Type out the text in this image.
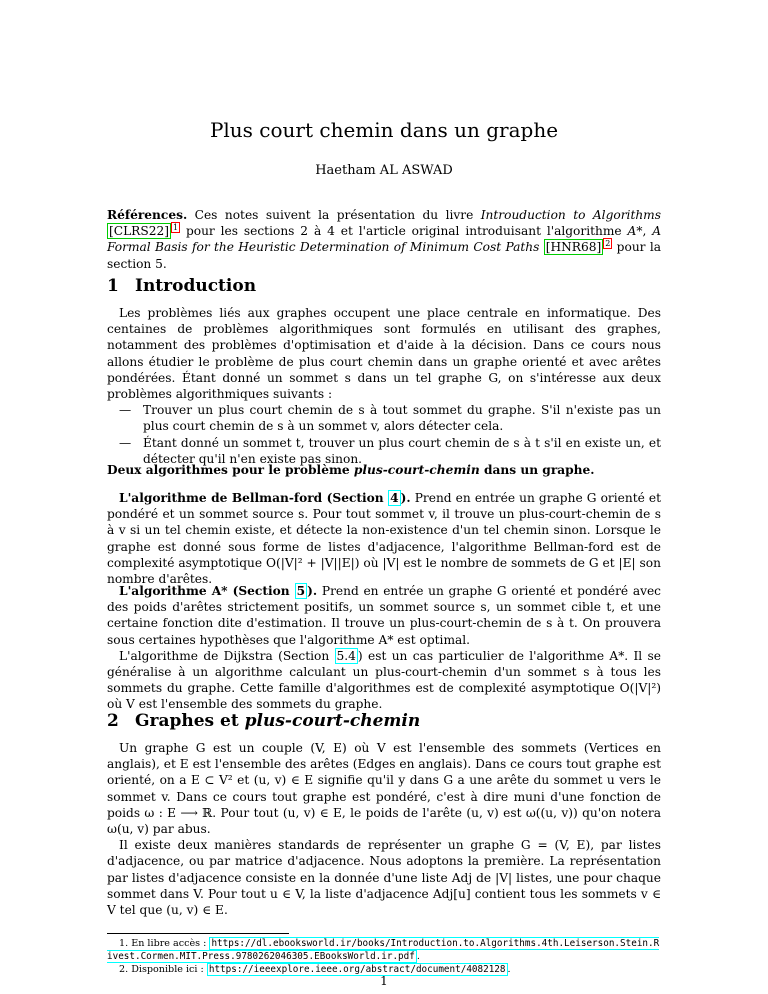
Plus court chemin dans un graphe
Haetham AL ASWAD

Références. Ces notes suivent la présentation du livre Introuduction to Algorithms [CLRS22] $^1$ pour les sections 2 à 4 et l'article original introduisant l'algorithme A*, A Formal Basis for the Heuristic Determination of Minimum Cost Paths [HNR68] $^2$ pour la section 5.

1 Introduction

Les problèmes liés aux graphes occupent une place centrale en informatique. Des centaines de problèmes algorithmiques sont formulés en utilisant des graphes, notamment des problèmes d'optimisation et d'aide à la décision. Dans ce cours nous allons étudier le problème de plus court chemin dans un graphe orienté et avec arêtes pondérées. Étant donné un sommet s dans un tel graphe G, on s'intéresse aux deux problèmes algorithmiques suivants :

— Trouver un plus court chemin de s à tout sommet du graphe. S'il n'existe pas un plus court chemin de s à un sommet v, alors détecter cela.
— Étant donné un sommet t, trouver un plus court chemin de s à t s'il en existe un, et détecter qu'il n'en existe pas sinon.

Deux algorithmes pour le problème plus-court-chemin dans un graphe.

L'algorithme de Bellman-ford (Section 4 ). Prend en entrée un graphe G orienté et pondéré et un sommet source s. Pour tout sommet v, il trouve un plus-court-chemin de s à v si un tel chemin existe, et détecte la non-existence d'un tel chemin sinon. Lorsque le graphe est donné sous forme de listes d'adjacence, l'algorithme Bellman-ford est de complexité asymptotique O(|V|² + |V||E|) où |V| est le nombre de sommets de G et |E| son nombre d'arêtes.

L'algorithme A* (Section 5 ). Prend en entrée un graphe G orienté et pondéré avec des poids d'arêtes strictement positifs, un sommet source s, un sommet cible t, et une certaine fonction dite d'estimation. Il trouve un plus-court-chemin de s à t. On prouvera sous certaines hypothèses que l'algorithme A* est optimal.

L'algorithme de Dijkstra (Section 5.4 ) est un cas particulier de l'algorithme A*. Il se généralise à un algorithme calculant un plus-court-chemin d'un sommet s à tous les sommets du graphe. Cette famille d'algorithmes est de complexité asymptotique O(|V|²) où V est l'ensemble des sommets du graphe.

2 Graphes et plus-court-chemin

Un graphe G est un couple (V, E) où V est l'ensemble des sommets (Vertices en anglais), et E est l'ensemble des arêtes (Edges en anglais). Dans ce cours tout graphe est orienté, on a E ⊂ V² et (u, v) ∈ E signifie qu'il y dans G a une arête du sommet u vers le sommet v. Dans ce cours tout graphe est pondéré, c'est à dire muni d'une fonction de poids ω : E ⟶ ℝ. Pour tout (u, v) ∈ E, le poids de l'arête (u, v) est ω((u, v)) qu'on notera ω(u, v) par abus.

Il existe deux manières standards de représenter un graphe G = (V, E), par listes d'adjacence, ou par matrice d'adjacence. Nous adoptons la première. La représentation par listes d'adjacence consiste en la donnée d'une liste Adj de |V| listes, une pour chaque sommet dans V. Pour tout u ∈ V, la liste d'adjacence Adj[u] contient tous les sommets v ∈ V tel que (u, v) ∈ E.

1. En libre accès : https://dl.ebooksworld.ir/books/Introduction.to.Algorithms.4th.Leiserson.Stein.Rivest.Cormen.MIT.Press.9780262046305.EBooksWorld.ir.pdf .
2. Disponible ici : https://ieeexplore.ieee.org/abstract/document/4082128 .
1
